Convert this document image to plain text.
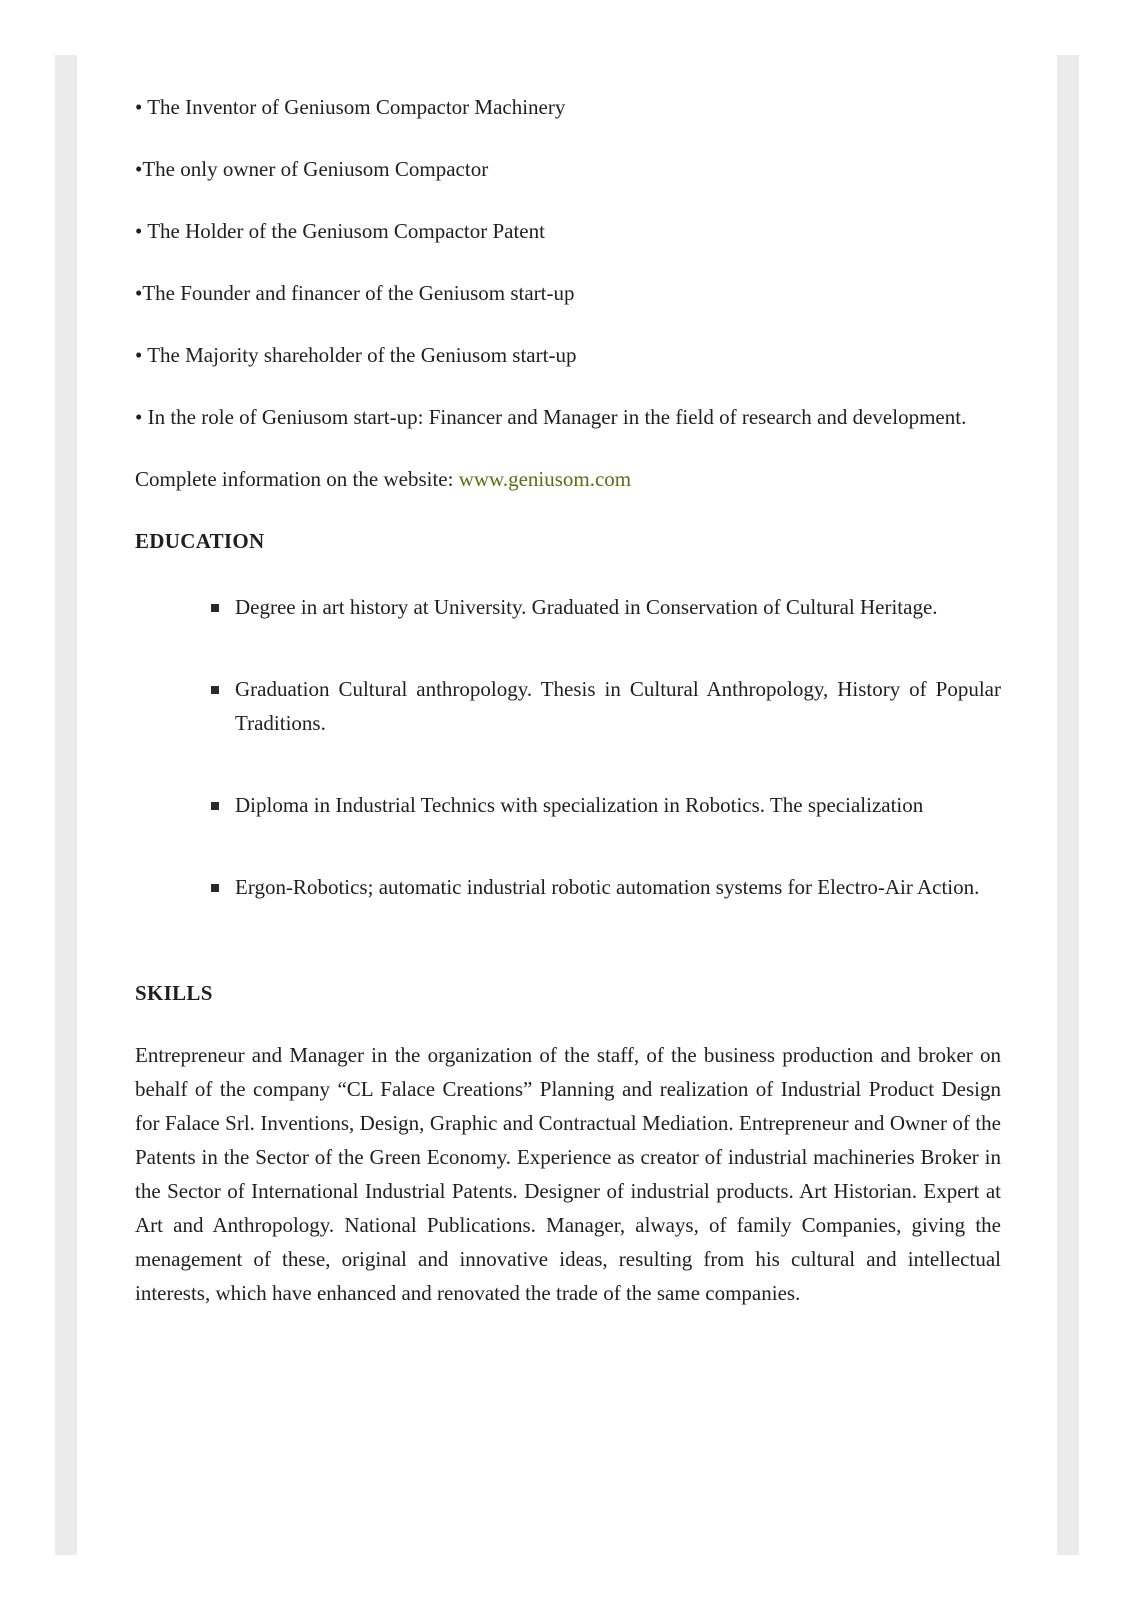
• The Inventor of Geniusom Compactor Machinery

•The only owner of Geniusom Compactor

• The Holder of the Geniusom Compactor Patent

•The Founder and financer of the Geniusom start-up

• The Majority shareholder of the Geniusom start-up

• In the role of Geniusom start-up: Financer and Manager in the field of research and development.

Complete information on the website: www.geniusom.com

EDUCATION
Degree in art history at University. Graduated in Conservation of Cultural Heritage.
Graduation Cultural anthropology. Thesis in Cultural Anthropology, History of Popular Traditions.
Diploma in Industrial Technics with specialization in Robotics. The specialization
Ergon-Robotics; automatic industrial robotic automation systems for Electro-Air Action.
SKILLS

Entrepreneur and Manager in the organization of the staff, of the business production and broker on behalf of the company “CL Falace Creations” Planning and realization of Industrial Product Design for Falace Srl. Inventions, Design, Graphic and Contractual Mediation. Entrepreneur and Owner of the Patents in the Sector of the Green Economy. Experience as creator of industrial machineries Broker in the Sector of International Industrial Patents. Designer of industrial products. Art Historian. Expert at Art and Anthropology. National Publications. Manager, always, of family Companies, giving the menagement of these, original and innovative ideas, resulting from his cultural and intellectual interests, which have enhanced and renovated the trade of the same companies.
